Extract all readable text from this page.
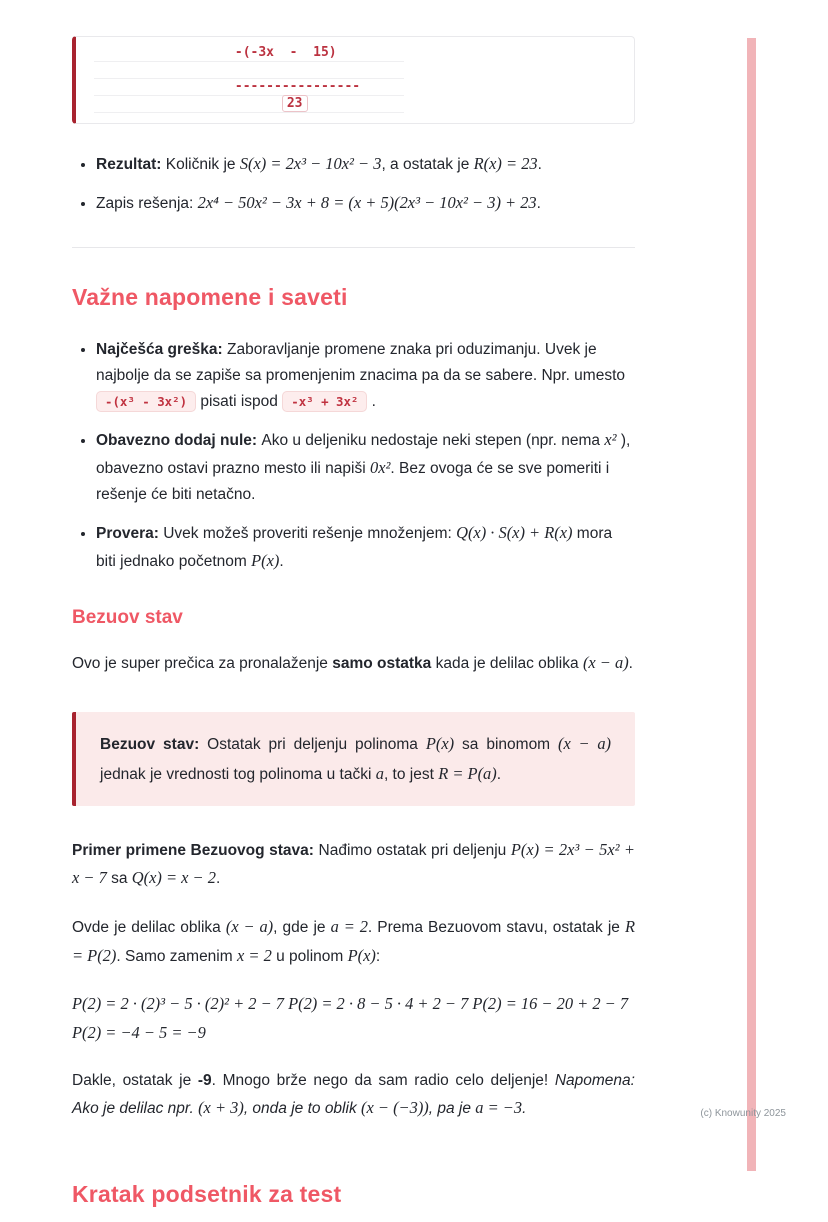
-(-3x  -  15)

----------------
23
• Rezultat: Količnik je S(x) = 2x³ − 10x² − 3, a ostatak je R(x) = 23.
• Zapis rešenja: 2x⁴ − 50x² − 3x + 8 = (x + 5)(2x³ − 10x² − 3) + 23.
Važne napomene i saveti
• Najčešća greška: Zaboravljanje promene znaka pri oduzimanju. Uvek je najbolje da se zapiše sa promenjenim znacima pa da se sabere. Npr. umesto -(x³ - 3x²) pisati ispod -x³ + 3x² .
• Obavezno dodaj nule: Ako u deljeniku nedostaje neki stepen (npr. nema x² ), obavezno ostavi prazno mesto ili napiši 0x². Bez ovoga će se sve pomeriti i rešenje će biti netačno.
• Provera: Uvek možeš proveriti rešenje množenjem: Q(x) · S(x) + R(x) mora biti jednako početnom P(x).
Bezuov stav

Ovo je super prečica za pronalaženje samo ostatka kada je delilac oblika (x − a).

Bezuov stav: Ostatak pri deljenju polinoma P(x) sa binomom (x − a) jednak je vrednosti tog polinoma u tački a, to jest R = P(a).

Primer primene Bezuovog stava: Nađimo ostatak pri deljenju P(x) = 2x³ − 5x² + x − 7 sa Q(x) = x − 2.

Ovde je delilac oblika (x − a), gde je a = 2. Prema Bezuovom stavu, ostatak je R = P(2). Samo zamenim x = 2 u polinom P(x):

P(2) = 2 · (2)³ − 5 · (2)² + 2 − 7 P(2) = 2 · 8 − 5 · 4 + 2 − 7 P(2) = 16 − 20 + 2 − 7 P(2) = −4 − 5 = −9

Dakle, ostatak je -9. Mnogo brže nego da sam radio celo deljenje! Napomena: Ako je delilac npr. (x + 3), onda je to oblik (x − (−3)), pa je a = −3.

Kratak podsetnik za test
(c) Knowunity 2025
